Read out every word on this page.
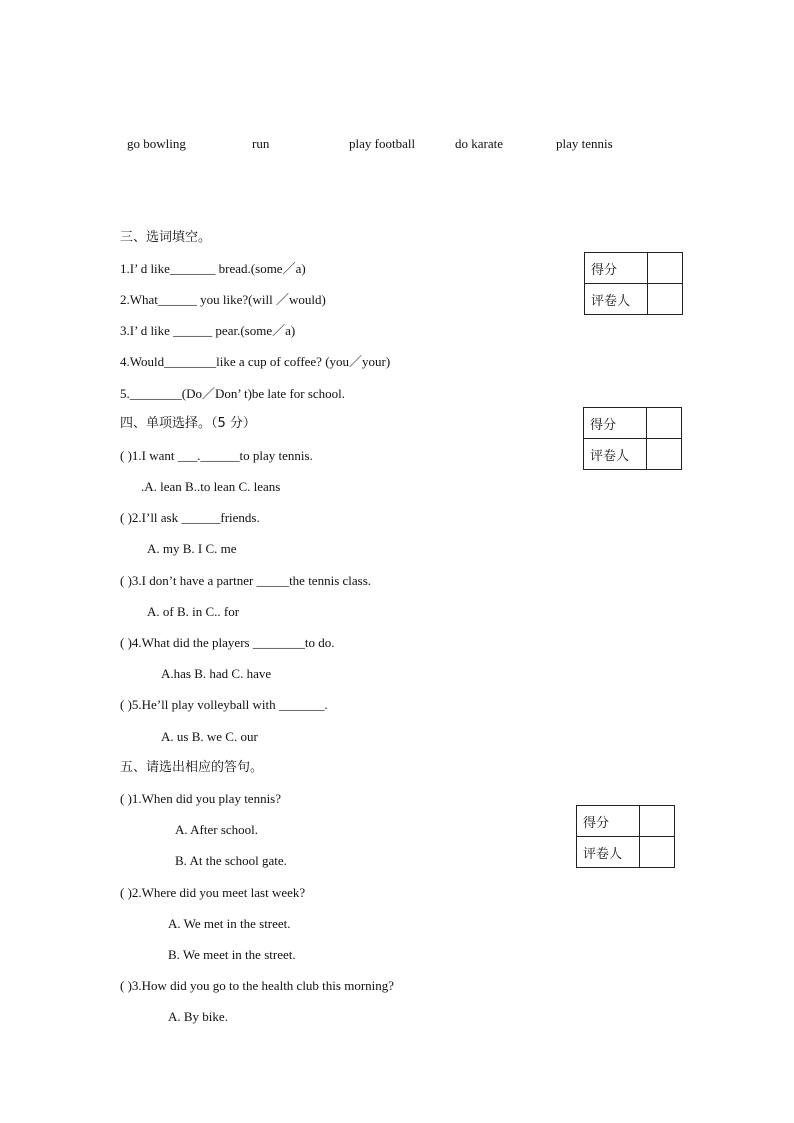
go bowling	run	play football	do karate	play tennis
三、选词填空。
1.I’ d like_______ bread.(some／a)
2.What______ you like?(will ／would)
3.I’ d like ______ pear.(some／a)
4.Would________like a cup of coffee? (you／your)
5.________(Do／Don’ t)be late for school.
得分	
评卷人	
四、单项选择。（5 分）
( )1.I want ___.______to play tennis.
.A. lean B..to lean C. leans
( )2.I’ll ask ______friends.
A. my B. I C. me
( )3.I don’t have a partner _____the tennis class.
A. of B. in C.. for
( )4.What did the players ________to do.
A.has B. had C. have
( )5.He’ll play volleyball with _______.
A. us B. we C. our
得分	
评卷人	
五、请选出相应的答句。
( )1.When did you play tennis?
A. After school.
B. At the school gate.
( )2.Where did you meet last week?
A. We met in the street.
B. We meet in the street.
( )3.How did you go to the health club this morning?
A. By bike.
得分	
评卷人	
